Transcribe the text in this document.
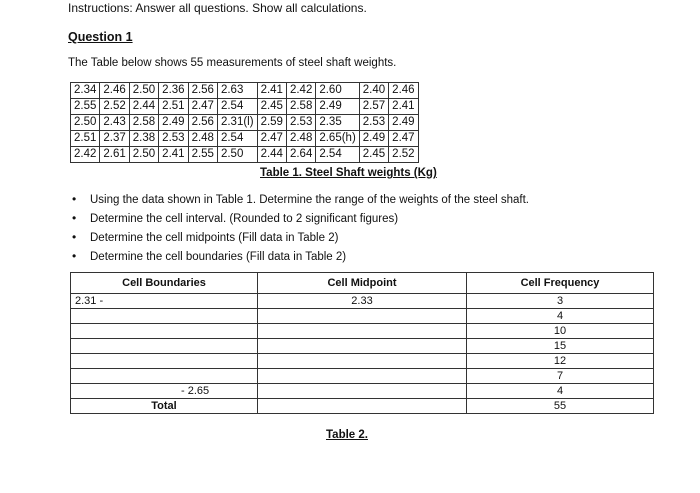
Instructions: Answer all questions. Show all calculations.
Question 1
The Table below shows 55 measurements of steel shaft weights.
2.34	2.46	2.50	2.36	2.56	2.63	2.41	2.42	2.60	2.40	2.46
2.55	2.52	2.44	2.51	2.47	2.54	2.45	2.58	2.49	2.57	2.41
2.50	2.43	2.58	2.49	2.56	2.31(l)	2.59	2.53	2.35	2.53	2.49
2.51	2.37	2.38	2.53	2.48	2.54	2.47	2.48	2.65(h)	2.49	2.47
2.42	2.61	2.50	2.41	2.55	2.50	2.44	2.64	2.54	2.45	2.52
Table 1. Steel Shaft weights (Kg)
• Using the data shown in Table 1. Determine the range of the weights of the steel shaft.
• Determine the cell interval. (Rounded to 2 significant figures)
• Determine the cell midpoints (Fill data in Table 2)
• Determine the cell boundaries (Fill data in Table 2)
Cell Boundaries	Cell Midpoint	Cell Frequency
2.31 -	2.33	3
		4
		10
		15
		12
		7
- 2.65		4
Total		55
Table 2.
